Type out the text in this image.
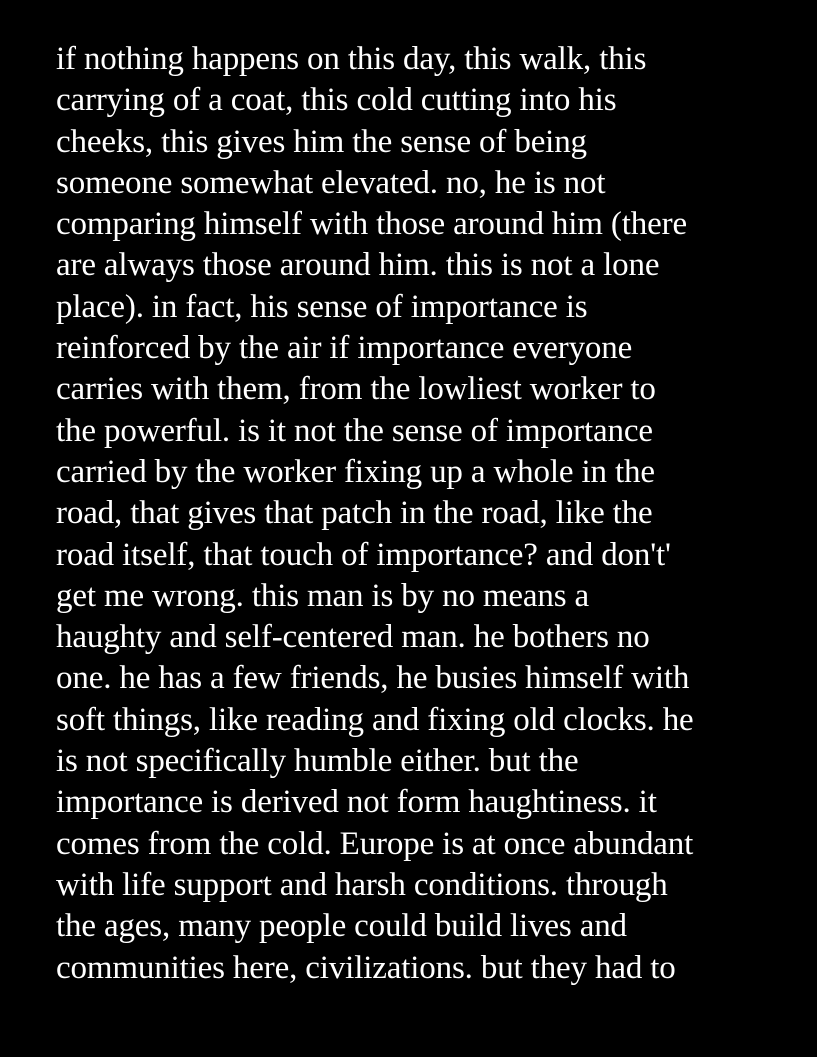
if nothing happens on this day, this walk, this
carrying of a coat, this cold cutting into his
cheeks, this gives him the sense of being
someone somewhat elevated. no, he is not
comparing himself with those around him (there
are always those around him. this is not a lone
place). in fact, his sense of importance is
reinforced by the air if importance everyone
carries with them, from the lowliest worker to
the powerful. is it not the sense of importance
carried by the worker fixing up a whole in the
road, that gives that patch in the road, like the
road itself, that touch of importance? and don't'
get me wrong. this man is by no means a
haughty and self-centered man. he bothers no
one. he has a few friends, he busies himself with
soft things, like reading and fixing old clocks. he
is not specifically humble either. but the
importance is derived not form haughtiness. it
comes from the cold. Europe is at once abundant
with life support and harsh conditions. through
the ages, many people could build lives and
communities here, civilizations. but they had to
